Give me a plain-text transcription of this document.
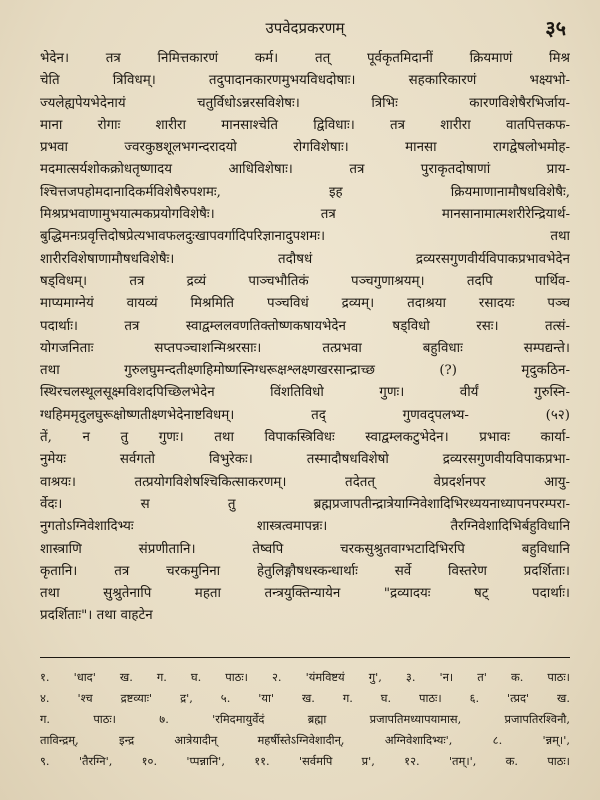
उपवेदप्रकरणम्	३५
भेदेन। तत्र निमित्तकारणं कर्म। तत् पूर्वकृतमिदानीं क्रियमाणं मिश्र
चेति त्रिविधम्। तदुपादानकारणमुभयविधदोषाः। सहकारिकारणं भक्ष्यभो-
ज्यलेह्यपेयभेदेनायं चतुर्विधोऽन्नरसविशेषः। त्रिभिः कारणविशेषैरभिर्जाय-
माना रोगाः शारीरा मानसाश्चेति द्विविधाः। तत्र शारीरा वातपित्तकफ-
प्रभवा ज्वरकुष्ठशूलभगन्दरादयो रोगविशेषाः। मानसा रागद्वेषलोभमोह-
मदमात्सर्यशोकक्रोधतृष्णादय आधिविशेषाः। तत्र पुराकृतदोषाणां प्राय-
श्चित्तजपहोमदानादिकर्मविशेषैरुपशमः, इह क्रियमाणानामौषधविशेषैः,
मिश्रप्रभवाणामुभयात्मकप्रयोगविशेषैः। तत्र मानसानामात्मशरीरेन्द्रियार्थ-
बुद्धिमनःप्रवृत्तिदोषप्रेत्यभावफलदुःखापवर्गादिपरिज्ञानादुपशमः। तथा
शारीरविशेषाणामौषधविशेषैः। तदौषधं द्रव्यरसगुणवीर्यविपाकप्रभावभेदेन
षड्विधम्। तत्र द्रव्यं पाञ्चभौतिकं पञ्चगुणाश्रयम्। तदपि पार्थिव-
माप्यमाग्नेयं वायव्यं मिश्रमिति पञ्चविधं द्रव्यम्। तदाश्रया रसादयः पञ्च
पदार्थाः। तत्र स्वाद्वम्ललवणतिक्तोष्णकषायभेदेन षड्विधो रसः। तत्सं-
योगजनिताः सप्तपञ्चाशन्मिश्ररसाः। तत्प्रभवा बहुविधाः सम्पद्यन्ते।
तथा गुरुलघुमन्दतीक्ष्णहिमोष्णस्निग्धरूक्षश्लक्ष्णखरसान्द्राच्छ (?) मृदुकठिन-
स्थिरचलस्थूलसूक्ष्मविशदपिच्छिलभेदेन विंशतिविधो गुणः। वीर्यं गुरुस्नि-
ग्धहिममृदुलघुरूक्षोष्णतीक्ष्णभेदेनाष्टविधम्। तद् गुणवद्पलभ्य- (५२)
तें, न तु गुणः। तथा विपाकस्त्रिविधः स्वाद्वम्लकटुभेदेन। प्रभावः कार्या-
नुमेयः सर्वगतो विभुरेकः। तस्मादौषधविशेषो द्रव्यरसगुणवीयविपाकप्रभा-
वाश्रयः। तत्प्रयोगविशेषश्चिकित्साकरणम्। तदेतत् वेप्रदर्शनपर आयु-
र्वेदः। स तु ब्रह्मप्रजापतीन्द्रात्रेयाग्निवेशादिभिरध्ययनाध्यापनपरम्परा-
नुगतोऽग्निवेशादिभ्यः शास्त्रत्वमापन्नः। तैरग्निवेशादिभिर्बहुविधानि
शास्त्राणि संप्रणीतानि। तेष्वपि चरकसुश्रुतवाग्भटादिभिरपि बहुविधानि
कृतानि। तत्र चरकमुनिना हेतुलिङ्गौषधस्कन्धार्थाः सर्वे विस्तरेण प्रदर्शिताः।
तथा सुश्रुतेनापि महता तन्त्रयुक्तिन्यायेन "द्रव्यादयः षट् पदार्थाः।
प्रदर्शिताः"। तथा वाहटेन
१. 'धाद' ख. ग. घ. पाठः। २. 'यंमविष्टयं गु', ३. 'न। त' क. पाठः।
४. 'श्च द्रष्टव्याः' द्र', ५. 'या' ख. ग. घ. पाठः। ६. 'त्प्रद' ख.
ग. पाठः। ७. 'रमिदमायुर्वेदं ब्रह्मा प्रजापतिमध्यापयामास, प्रजापतिरश्विनौ,
ताविन्द्रम्, इन्द्र आत्रेयादीन् महर्षीस्तेऽग्निवेशादीन्, अग्निवेशादिभ्यः', ८. 'न्नम्।',
९. 'तैरग्नि', १०. 'प्पन्नानि', ११. 'सर्वमपि प्र', १२. 'तम्।', क. पाठः।
